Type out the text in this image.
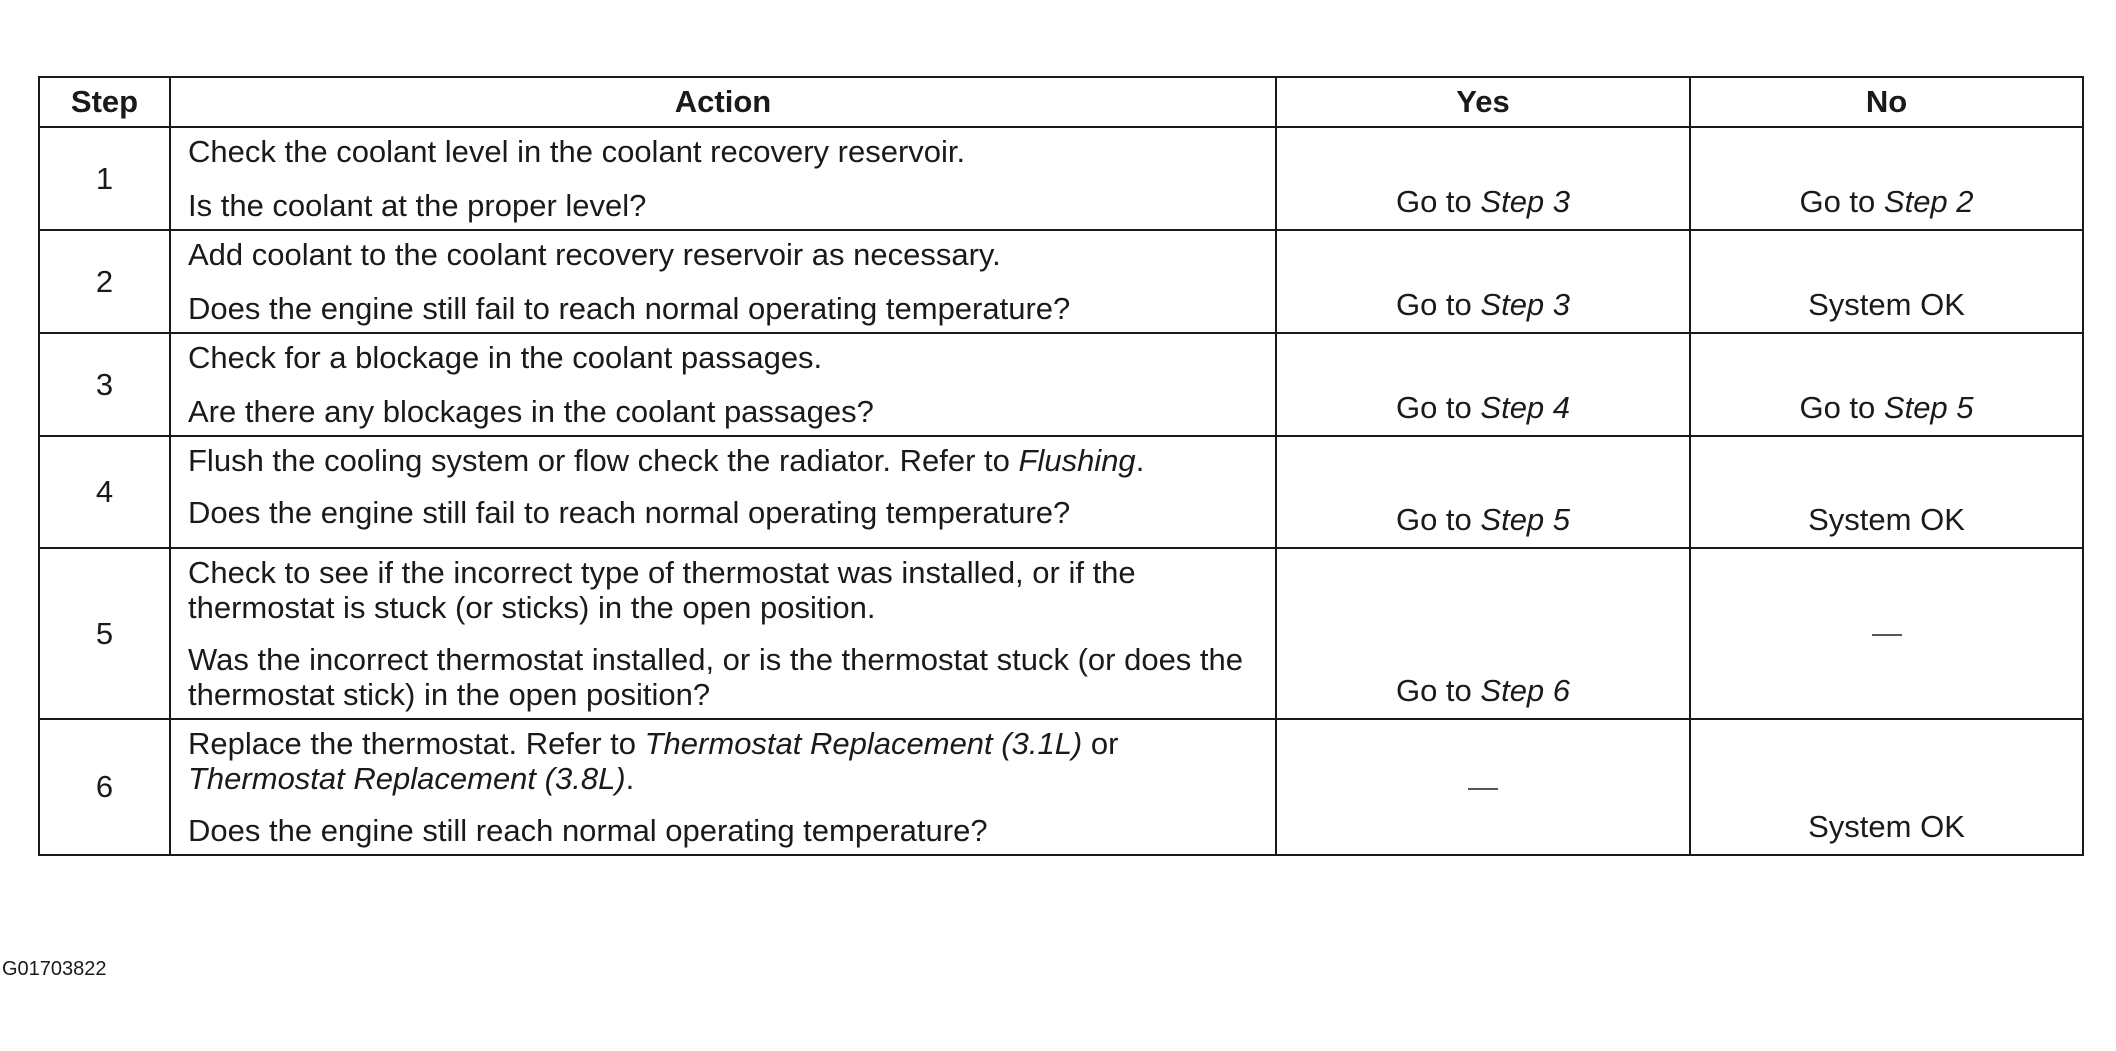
Step	Action	Yes	No
1	Check the coolant level in the coolant recovery reservoir.

Is the coolant at the proper level?	Go to Step 3	Go to Step 2
2	Add coolant to the coolant recovery reservoir as necessary.

Does the engine still fail to reach normal operating temperature?	Go to Step 3	System OK
3	Check for a blockage in the coolant passages.

Are there any blockages in the coolant passages?	Go to Step 4	Go to Step 5
4	Flush the cooling system or flow check the radiator. Refer to Flushing.

Does the engine still fail to reach normal operating temperature?	Go to Step 5	System OK
5	Check to see if the incorrect type of thermostat was installed, or if the thermostat is stuck (or sticks) in the open position.

Was the incorrect thermostat installed, or is the thermostat stuck (or does the thermostat stick) in the open position?	Go to Step 6	
6	Replace the thermostat. Refer to Thermostat Replacement (3.1L) or Thermostat Replacement (3.8L).

Does the engine still reach normal operating temperature?		System OK
G01703822
